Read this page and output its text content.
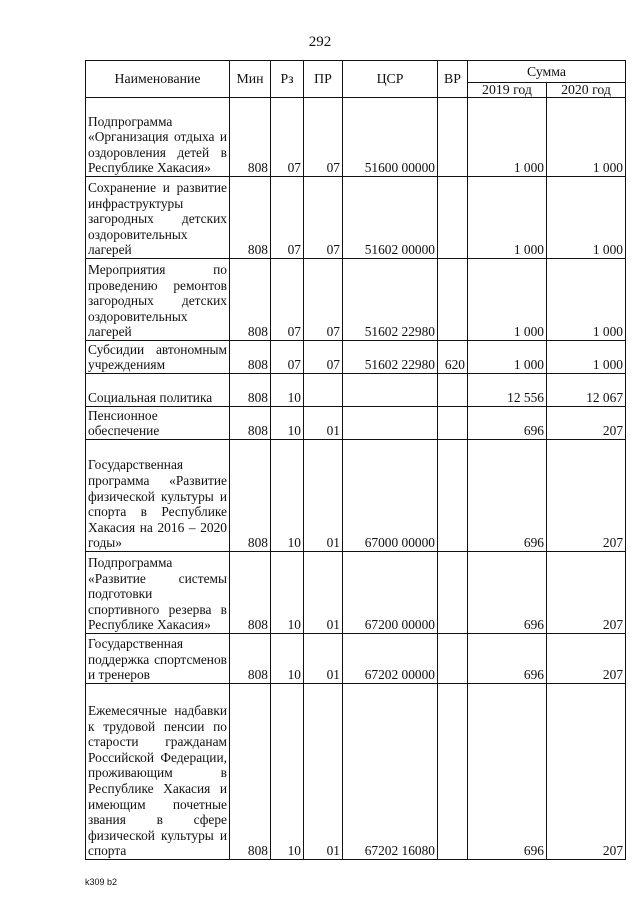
292
Наименование	Мин	Рз	ПР	ЦСР	ВР	Сумма	
						2019 год	2020 год
Подпрограмма «Организация отдыха и оздоровления детей в Республике Хакасия»	808	07	07	51600 00000		1 000	1 000
Сохранение и развитие инфраструктуры загородных детских оздоровительных лагерей	808	07	07	51602 00000		1 000	1 000
Мероприятия по проведению ремонтов загородных детских оздоровительных лагерей	808	07	07	51602 22980		1 000	1 000
Субсидии автономным учреждениям	808	07	07	51602 22980	620	1 000	1 000
Социальная политика	808	10				12 556	12 067
Пенсионное обеспечение	808	10	01			696	207
Государственная программа «Развитие физической культуры и спорта в Республике Хакасия на 2016 – 2020 годы»	808	10	01	67000 00000		696	207
Подпрограмма «Развитие системы подготовки спортивного резерва в Республике Хакасия»	808	10	01	67200 00000		696	207
Государственная поддержка спортсменов и тренеров	808	10	01	67202 00000		696	207
Ежемесячные надбавки к трудовой пенсии по старости гражданам Российской Федерации, проживающим в Республике Хакасия и имеющим почетные звания в сфере физической культуры и спорта	808	10	01	67202 16080		696	207
k309 b2
